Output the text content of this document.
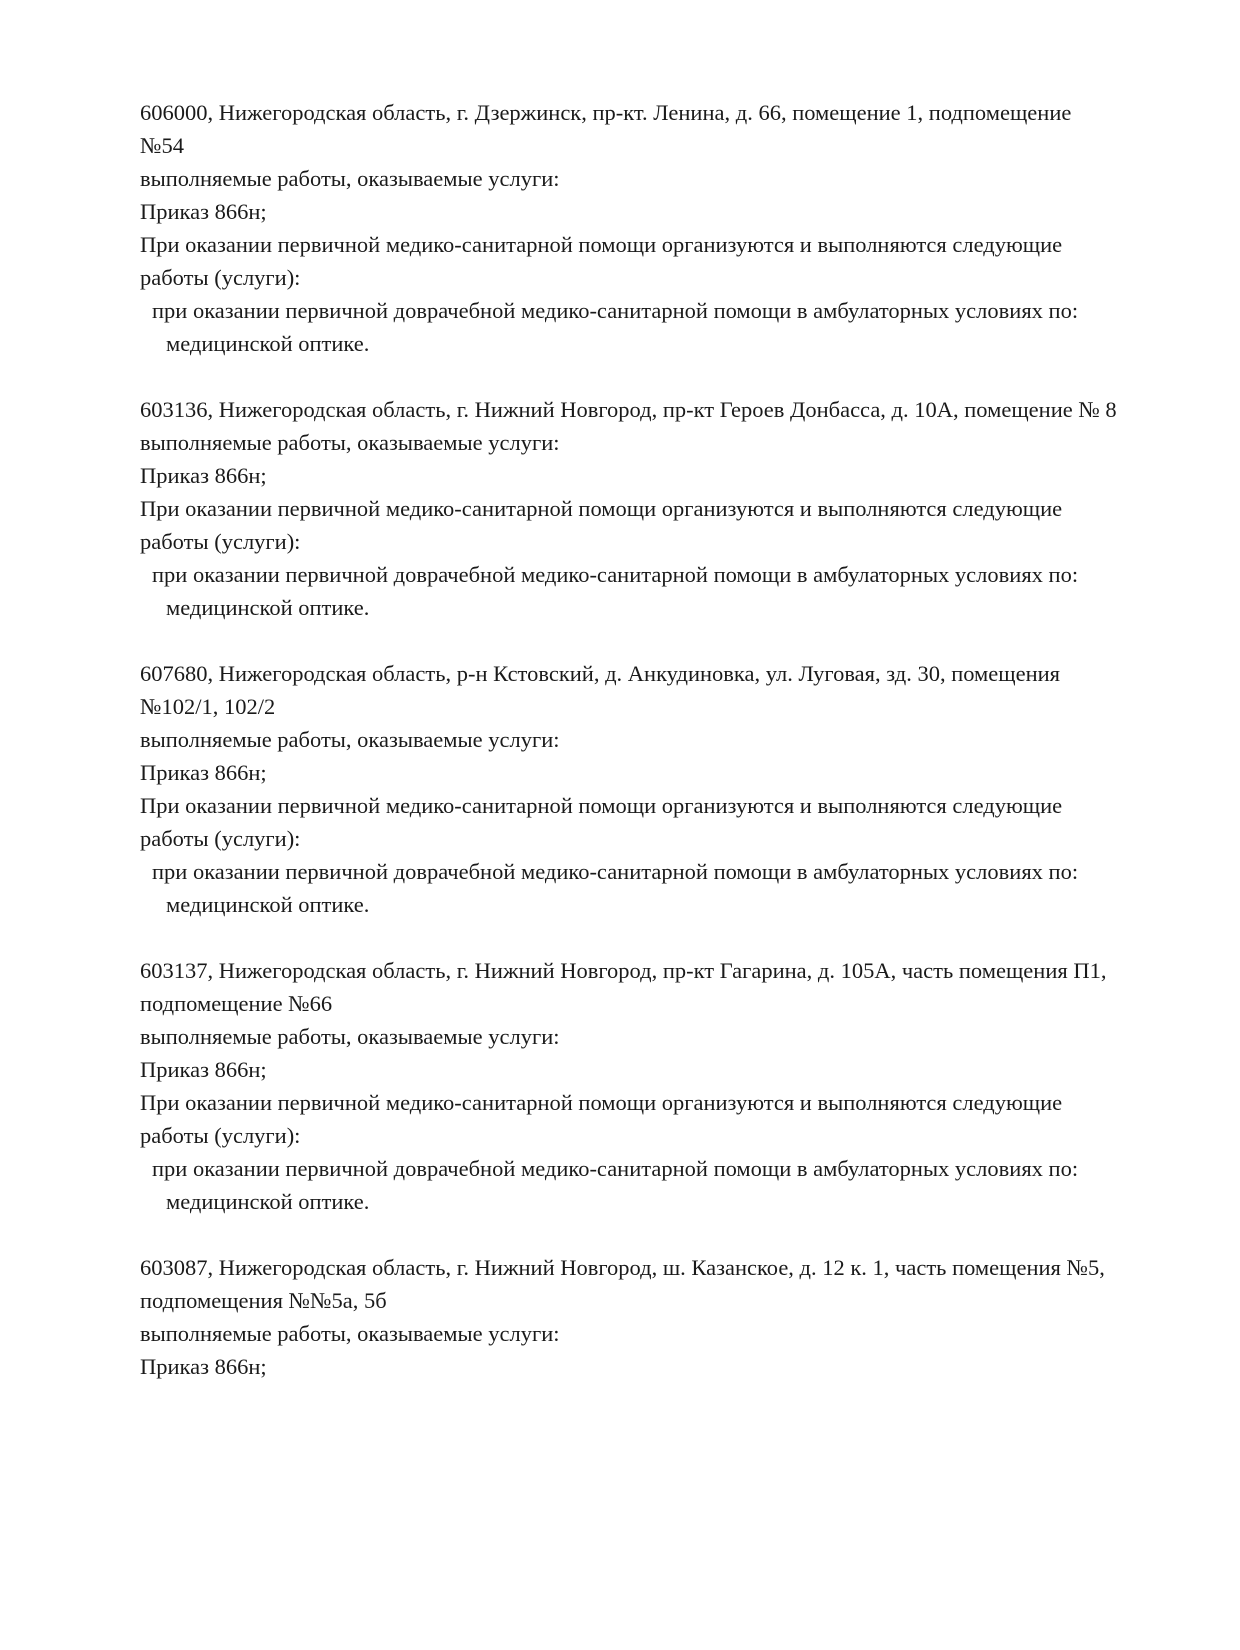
606000, Нижегородская область, г. Дзержинск, пр-кт. Ленина, д. 66, помещение 1, подпомещение №54

выполняемые работы, оказываемые услуги:

Приказ 866н;

При оказании первичной медико-санитарной помощи организуются и выполняются следующие работы (услуги):

при оказании первичной доврачебной медико-санитарной помощи в амбулаторных условиях по:

медицинской оптике.

603136, Нижегородская область, г. Нижний Новгород, пр-кт Героев Донбасса, д. 10А, помещение № 8

выполняемые работы, оказываемые услуги:

Приказ 866н;

При оказании первичной медико-санитарной помощи организуются и выполняются следующие работы (услуги):

при оказании первичной доврачебной медико-санитарной помощи в амбулаторных условиях по:

медицинской оптике.

607680, Нижегородская область, р-н Кстовский, д. Анкудиновка, ул. Луговая, зд. 30, помещения №102/1, 102/2

выполняемые работы, оказываемые услуги:

Приказ 866н;

При оказании первичной медико-санитарной помощи организуются и выполняются следующие работы (услуги):

при оказании первичной доврачебной медико-санитарной помощи в амбулаторных условиях по:

медицинской оптике.

603137, Нижегородская область, г. Нижний Новгород, пр-кт Гагарина, д. 105А, часть помещения П1, подпомещение №66

выполняемые работы, оказываемые услуги:

Приказ 866н;

При оказании первичной медико-санитарной помощи организуются и выполняются следующие работы (услуги):

при оказании первичной доврачебной медико-санитарной помощи в амбулаторных условиях по:

медицинской оптике.

603087, Нижегородская область, г. Нижний Новгород, ш. Казанское, д. 12 к. 1, часть помещения №5, подпомещения №№5а, 5б

выполняемые работы, оказываемые услуги:

Приказ 866н;
